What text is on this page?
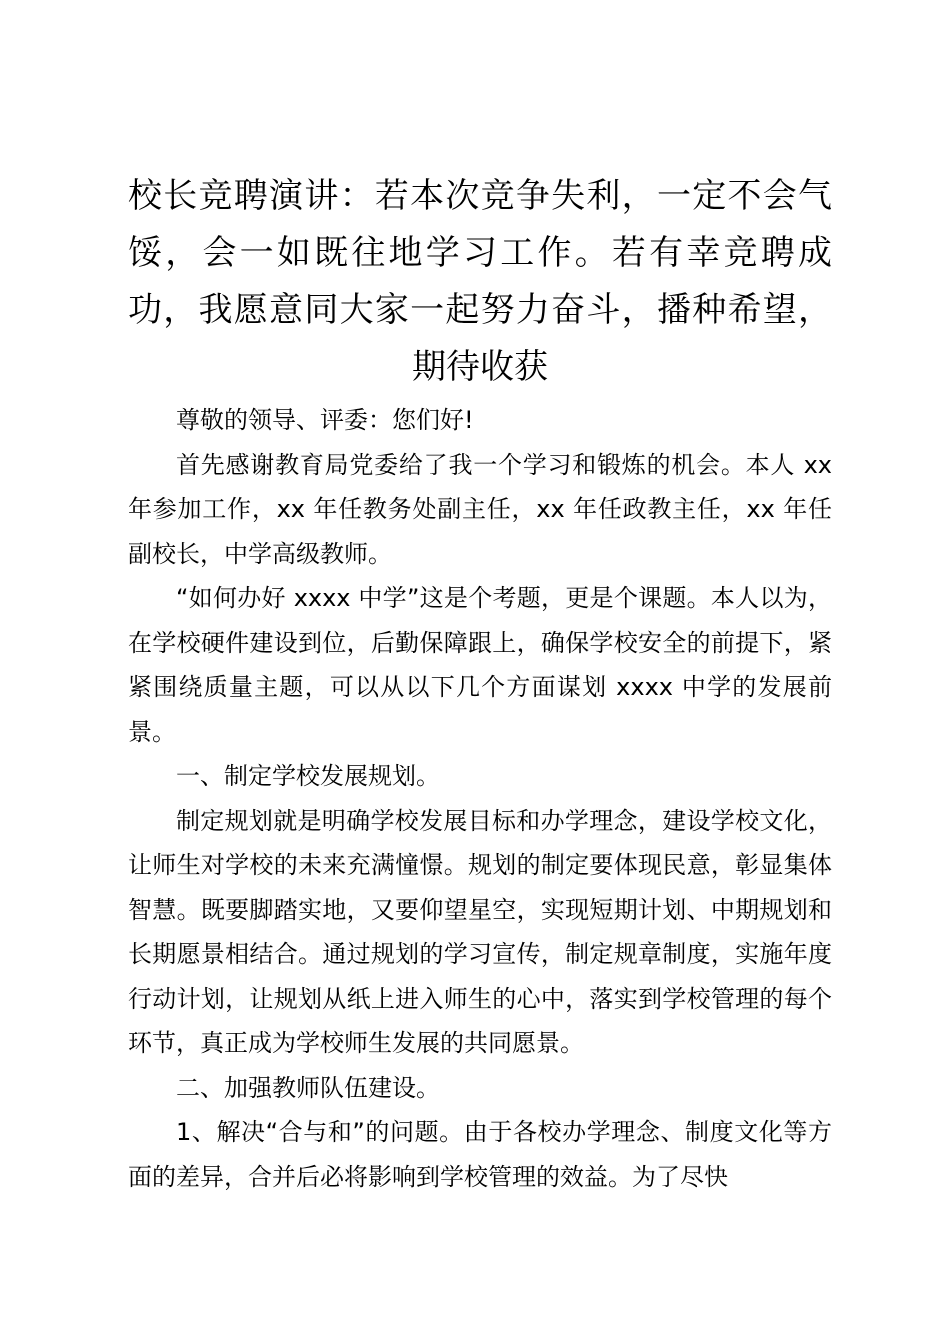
校长竞聘演讲：若本次竞争失利，一定不会气馁，会一如既往地学习工作。若有幸竞聘成功，我愿意同大家一起努力奋斗，播种希望，期待收获

尊敬的领导、评委：您们好!

首先感谢教育局党委给了我一个学习和锻炼的机会。本人 xx 年参加工作，xx 年任教务处副主任，xx 年任政教主任，xx 年任副校长，中学高级教师。

“如何办好 xxxx 中学”这是个考题，更是个课题。本人以为，在学校硬件建设到位，后勤保障跟上，确保学校安全的前提下，紧紧围绕质量主题，可以从以下几个方面谋划 xxxx 中学的发展前景。

一、制定学校发展规划。

制定规划就是明确学校发展目标和办学理念，建设学校文化，让师生对学校的未来充满憧憬。规划的制定要体现民意，彰显集体智慧。既要脚踏实地，又要仰望星空，实现短期计划、中期规划和长期愿景相结合。通过规划的学习宣传，制定规章制度，实施年度行动计划，让规划从纸上进入师生的心中，落实到学校管理的每个环节，真正成为学校师生发展的共同愿景。

二、加强教师队伍建设。

1、解决“合与和”的问题。由于各校办学理念、制度文化等方面的差异，合并后必将影响到学校管理的效益。为了尽快
